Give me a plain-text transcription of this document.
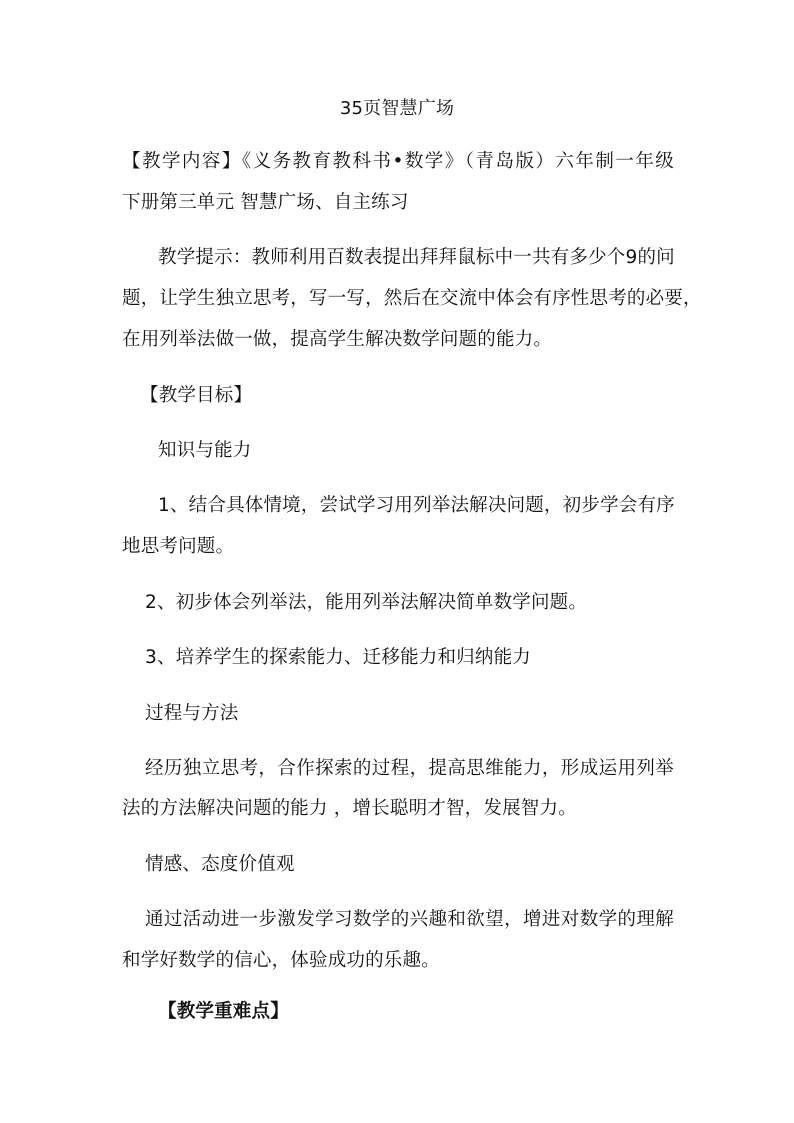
35页智慧广场
【教学内容】《义务教育教科书•数学》（青岛版）六年制一年级
下册第三单元 智慧广场、自主练习
教学提示：教师利用百数表提出拜拜鼠标中一共有多少个9的问
题，让学生独立思考，写一写，然后在交流中体会有序性思考的必要，
在用列举法做一做，提高学生解决数学问题的能力。
【教学目标】
知识与能力
1、结合具体情境，尝试学习用列举法解决问题，初步学会有序
地思考问题。
2、初步体会列举法，能用列举法解决简单数学问题。
3、培养学生的探索能力、迁移能力和归纳能力
过程与方法
经历独立思考，合作探索的过程，提高思维能力，形成运用列举
法的方法解决问题的能力 ，增长聪明才智，发展智力。
情感、态度价值观
通过活动进一步激发学习数学的兴趣和欲望，增进对数学的理解
和学好数学的信心，体验成功的乐趣。
【教学重难点】
